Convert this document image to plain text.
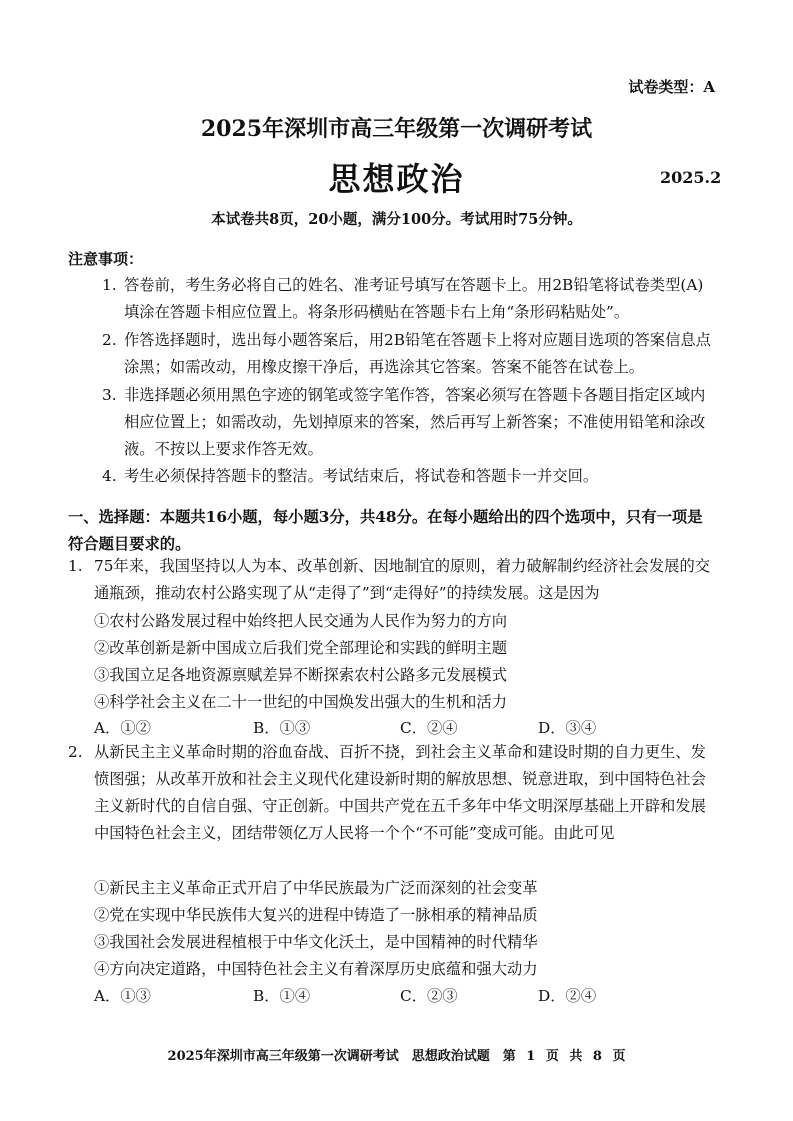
试卷类型：A
2025年深圳市高三年级第一次调研考试
思想政治	2025.2
本试卷共8页，20小题，满分100分。考试用时75分钟。
注意事项：
1. 答卷前，考生务必将自己的姓名、准考证号填写在答题卡上。用2B铅笔将试卷类型(A)填涂在答题卡相应位置上。将条形码横贴在答题卡右上角“条形码粘贴处”。
2. 作答选择题时，选出每小题答案后，用2B铅笔在答题卡上将对应题目选项的答案信息点涂黑；如需改动，用橡皮擦干净后，再选涂其它答案。答案不能答在试卷上。
3. 非选择题必须用黑色字迹的钢笔或签字笔作答，答案必须写在答题卡各题目指定区域内相应位置上；如需改动，先划掉原来的答案，然后再写上新答案；不准使用铅笔和涂改液。不按以上要求作答无效。
4. 考生必须保持答题卡的整洁。考试结束后，将试卷和答题卡一并交回。
一、选择题：本题共16小题，每小题3分，共48分。在每小题给出的四个选项中，只有一项是符合题目要求的。
1. 75年来，我国坚持以人为本、改革创新、因地制宜的原则，着力破解制约经济社会发展的交通瓶颈，推动农村公路实现了从“走得了”到“走得好”的持续发展。这是因为
①农村公路发展过程中始终把人民交通为人民作为努力的方向
②改革创新是新中国成立后我们党全部理论和实践的鲜明主题
③我国立足各地资源禀赋差异不断探索农村公路多元发展模式
④科学社会主义在二十一世纪的中国焕发出强大的生机和活力
A．①②	B．①③	C．②④	D．③④
2. 从新民主主义革命时期的浴血奋战、百折不挠，到社会主义革命和建设时期的自力更生、发愤图强；从改革开放和社会主义现代化建设新时期的解放思想、锐意进取，到中国特色社会主义新时代的自信自强、守正创新。中国共产党在五千多年中华文明深厚基础上开辟和发展中国特色社会主义，团结带领亿万人民将一个个“不可能”变成可能。由此可见
①新民主主义革命正式开启了中华民族最为广泛而深刻的社会变革
②党在实现中华民族伟大复兴的进程中铸造了一脉相承的精神品质
③我国社会发展进程植根于中华文化沃土，是中国精神的时代精华
④方向决定道路，中国特色社会主义有着深厚历史底蕴和强大动力
A．①③	B．①④	C．②③	D．②④
2025年深圳市高三年级第一次调研考试　思想政治试题　第 1 页 共 8 页
